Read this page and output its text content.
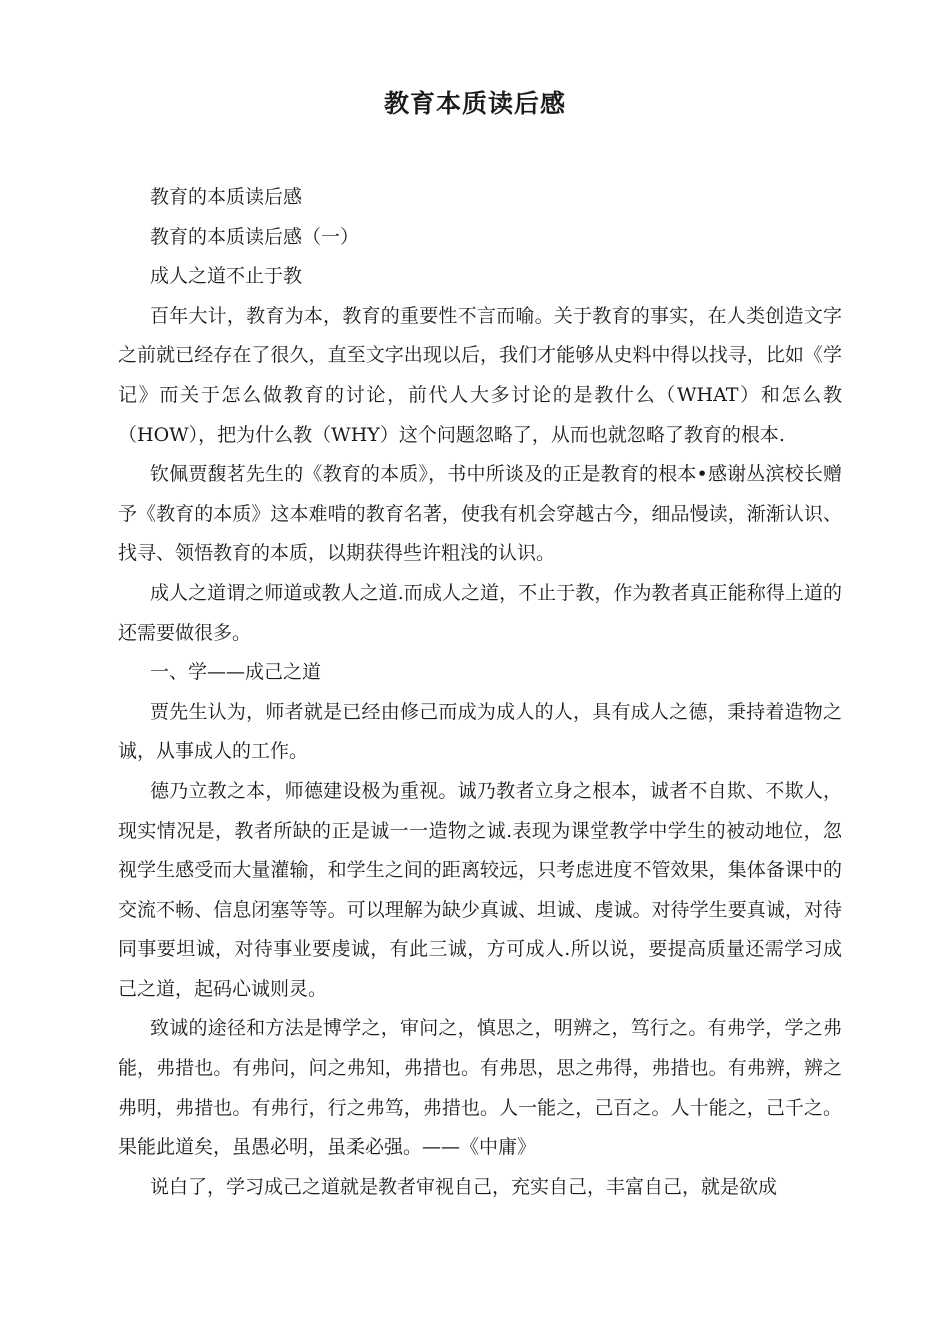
教育本质读后感

教育的本质读后感

教育的本质读后感（一）

成人之道不止于教

百年大计，教育为本，教育的重要性不言而喻。关于教育的事实，在人类创造文字之前就已经存在了很久，直至文字出现以后，我们才能够从史料中得以找寻，比如《学记》而关于怎么做教育的讨论，前代人大多讨论的是教什么（WHAT）和怎么教（HOW），把为什么教（WHY）这个问题忽略了，从而也就忽略了教育的根本.

钦佩贾馥茗先生的《教育的本质》，书中所谈及的正是教育的根本•感谢丛滨校长赠予《教育的本质》这本难啃的教育名著，使我有机会穿越古今，细品慢读，渐渐认识、找寻、领悟教育的本质，以期获得些许粗浅的认识。

成人之道谓之师道或教人之道.而成人之道，不止于教，作为教者真正能称得上道的还需要做很多。

一、学——成己之道

贾先生认为，师者就是已经由修己而成为成人的人，具有成人之德，秉持着造物之诚，从事成人的工作。

德乃立教之本，师德建设极为重视。诚乃教者立身之根本，诚者不自欺、不欺人，现实情况是，教者所缺的正是诚一一造物之诚.表现为课堂教学中学生的被动地位，忽视学生感受而大量灌输，和学生之间的距离较远，只考虑进度不管效果，集体备课中的交流不畅、信息闭塞等等。可以理解为缺少真诚、坦诚、虔诚。对待学生要真诚，对待同事要坦诚，对待事业要虔诚，有此三诚，方可成人.所以说，要提高质量还需学习成己之道，起码心诚则灵。

致诚的途径和方法是博学之，审问之，慎思之，明辨之，笃行之。有弗学，学之弗能，弗措也。有弗问，问之弗知，弗措也。有弗思，思之弗得，弗措也。有弗辨，辨之弗明，弗措也。有弗行，行之弗笃，弗措也。人一能之，己百之。人十能之，己千之。果能此道矣，虽愚必明，虽柔必强。——《中庸》

说白了，学习成己之道就是教者审视自己，充实自己，丰富自己，就是欲成
